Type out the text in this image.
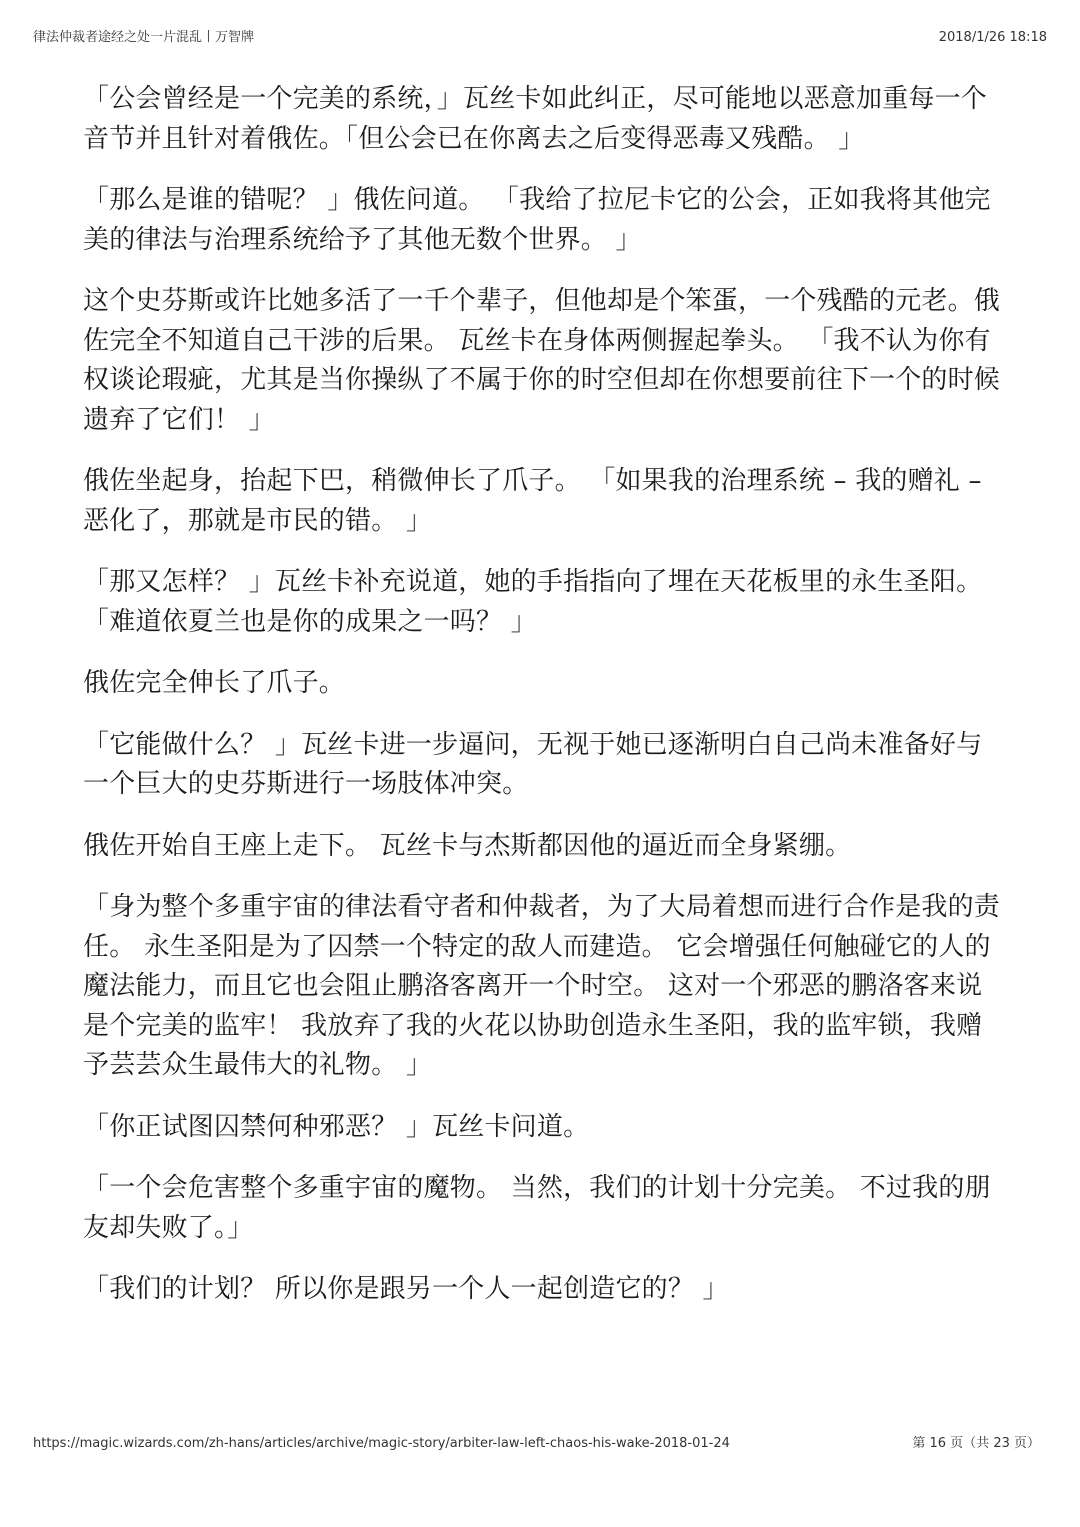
律法仲裁者途经之处一片混乱丨万智牌	2018/1/26 18:18

「公会曾经是一个完美的系统，」瓦丝卡如此纠正，尽可能地以恶意加重每一个音节并且针对着俄佐。「但公会已在你离去之后变得恶毒又残酷。 」

「那么是谁的错呢？ 」俄佐问道。 「我给了拉尼卡它的公会，正如我将其他完美的律法与治理系统给予了其他无数个世界。 」

这个史芬斯或许比她多活了一千个辈子，但他却是个笨蛋，一个残酷的元老。俄佐完全不知道自己干涉的后果。 瓦丝卡在身体两侧握起拳头。 「我不认为你有权谈论瑕疵，尤其是当你操纵了不属于你的时空但却在你想要前往下一个的时候遗弃了它们！ 」

俄佐坐起身，抬起下巴，稍微伸长了爪子。 「如果我的治理系统 – 我的赠礼 – 恶化了，那就是市民的错。 」

「那又怎样？ 」瓦丝卡补充说道，她的手指指向了埋在天花板里的永生圣阳。 「难道依夏兰也是你的成果之一吗？ 」

俄佐完全伸长了爪子。

「它能做什么？ 」瓦丝卡进一步逼问，无视于她已逐渐明白自己尚未准备好与一个巨大的史芬斯进行一场肢体冲突。

俄佐开始自王座上走下。 瓦丝卡与杰斯都因他的逼近而全身紧绷。

「身为整个多重宇宙的律法看守者和仲裁者，为了大局着想而进行合作是我的责任。 永生圣阳是为了囚禁一个特定的敌人而建造。 它会增强任何触碰它的人的魔法能力，而且它也会阻止鹏洛客离开一个时空。 这对一个邪恶的鹏洛客来说是个完美的监牢！ 我放弃了我的火花以协助创造永生圣阳，我的监牢锁，我赠予芸芸众生最伟大的礼物。 」

「你正试图囚禁何种邪恶？ 」瓦丝卡问道。

「一个会危害整个多重宇宙的魔物。 当然，我们的计划十分完美。 不过我的朋友却失败了。」

「我们的计划？ 所以你是跟另一个人一起创造它的？ 」

https://magic.wizards.com/zh-hans/articles/archive/magic-story/arbiter-law-left-chaos-his-wake-2018-01-24	第 16 页（共 23 页）
